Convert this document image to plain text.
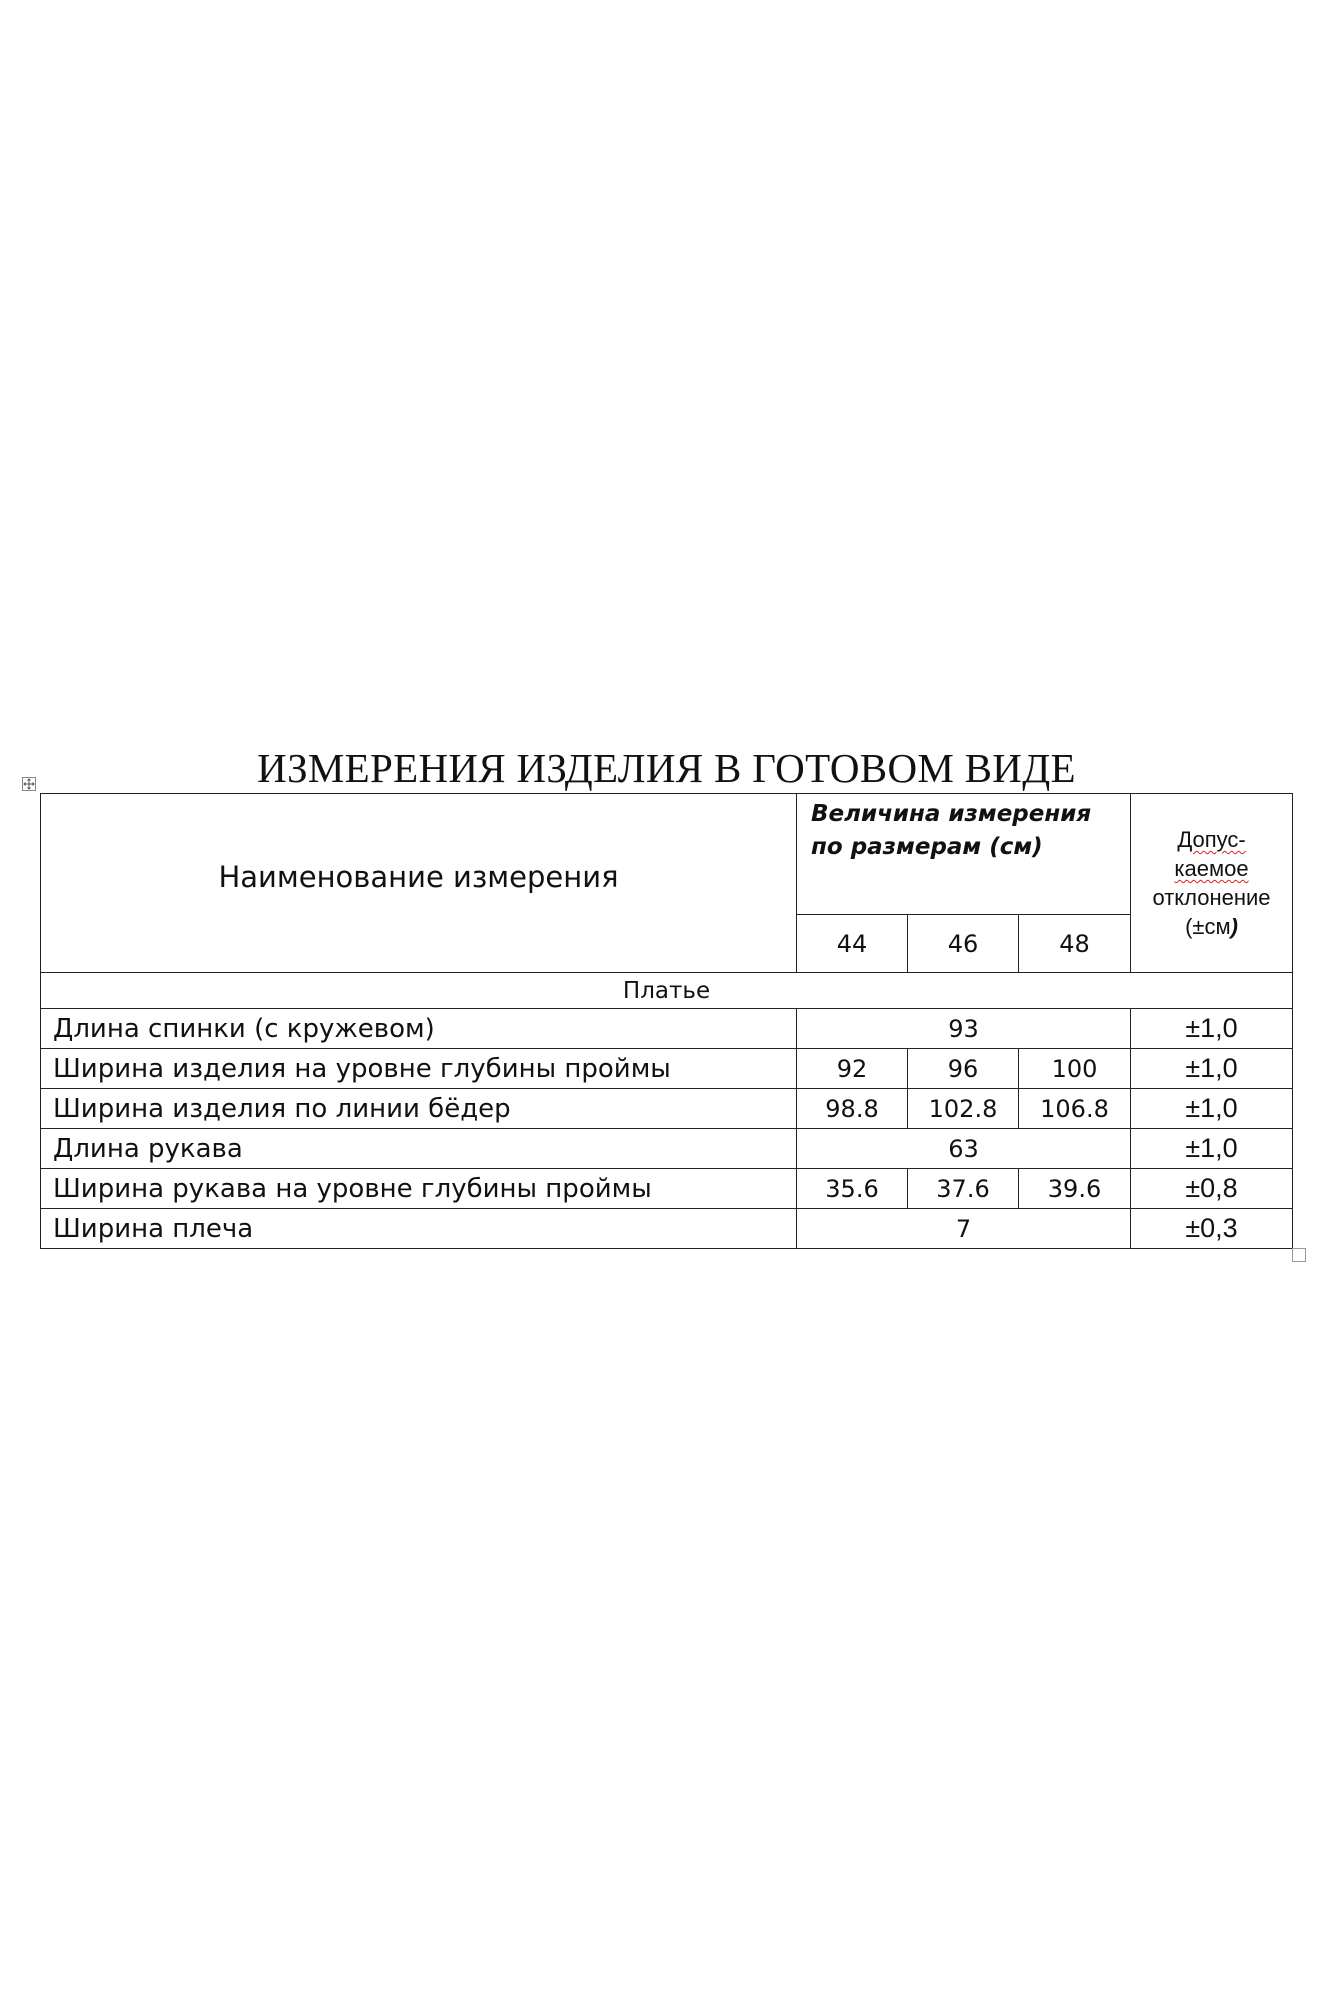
ИЗМЕРЕНИЯ ИЗДЕЛИЯ В ГОТОВОМ ВИДЕ
Наименование измерения	Величина измерения по размерам (см)			Допус-
каемое
отклонение
(±см)

	44	46	48	
Платье				
Длина спинки (с кружевом)	93			±1,0
Ширина изделия на уровне глубины проймы	92	96	100	±1,0
Ширина изделия по линии бёдер	98.8	102.8	106.8	±1,0
Длина рукава	63			±1,0
Ширина рукава на уровне глубины проймы	35.6	37.6	39.6	±0,8
Ширина плеча	7			±0,3
